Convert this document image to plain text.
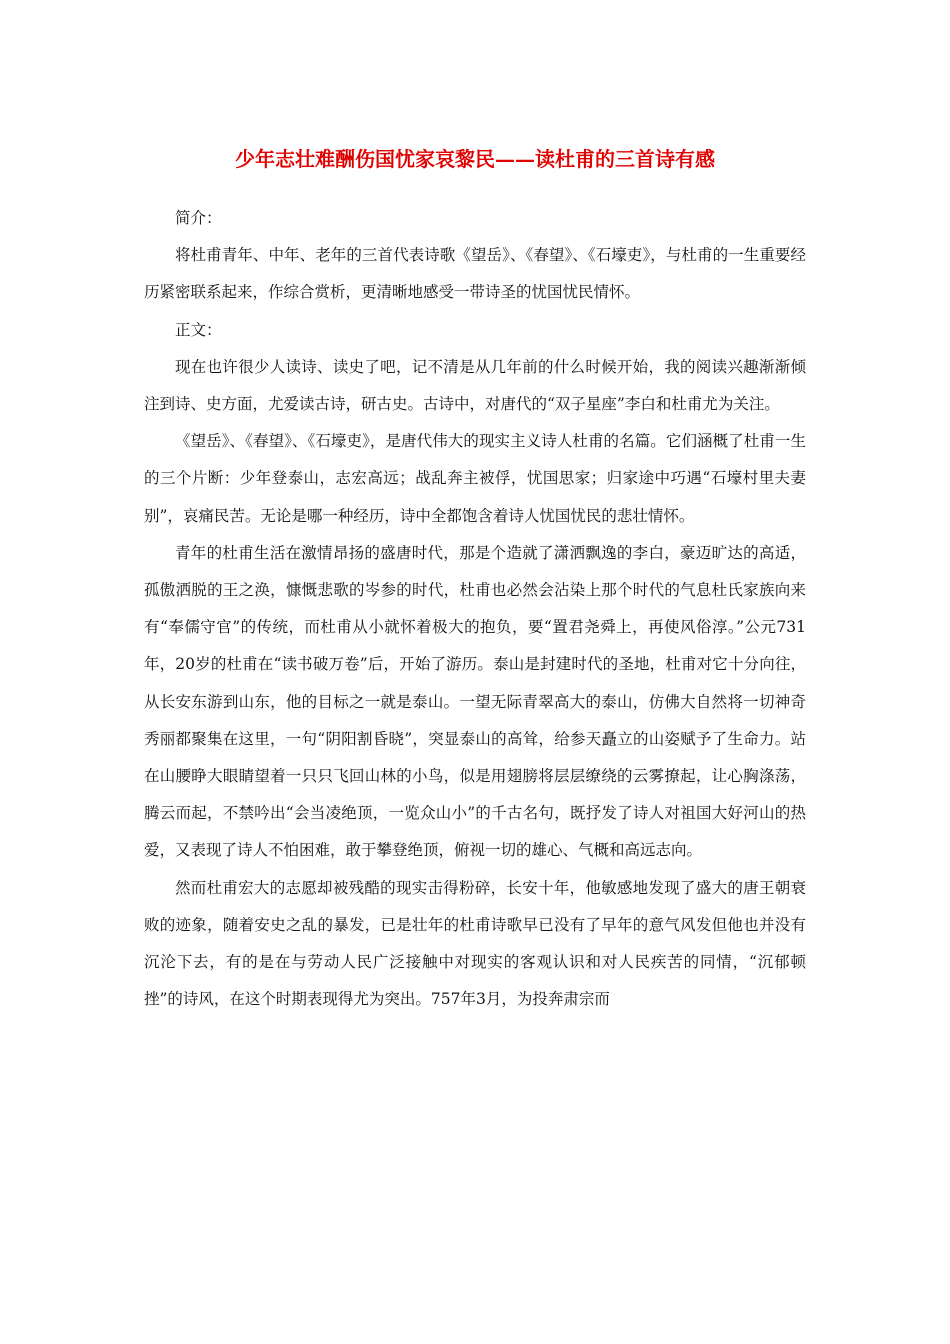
少年志壮难酬伤国忧家哀黎民——读杜甫的三首诗有感

简介：

将杜甫青年、中年、老年的三首代表诗歌《望岳》、《春望》、《石壕吏》，与杜甫的一生重要经历紧密联系起来，作综合赏析，更清晰地感受一带诗圣的忧国忧民情怀。

正文：

现在也许很少人读诗、读史了吧，记不清是从几年前的什么时候开始，我的阅读兴趣渐渐倾注到诗、史方面，尤爱读古诗，研古史。古诗中，对唐代的“双子星座”李白和杜甫尤为关注。

《望岳》、《春望》、《石壕吏》，是唐代伟大的现实主义诗人杜甫的名篇。它们涵概了杜甫一生的三个片断：少年登泰山，志宏高远；战乱奔主被俘，忧国思家；归家途中巧遇“石壕村里夫妻别”，哀痛民苦。无论是哪一种经历，诗中全都饱含着诗人忧国忧民的悲壮情怀。

青年的杜甫生活在激情昂扬的盛唐时代，那是个造就了潇洒飘逸的李白，豪迈旷达的高适，孤傲洒脱的王之涣，慷慨悲歌的岑参的时代，杜甫也必然会沾染上那个时代的气息杜氏家族向来有“奉儒守官”的传统，而杜甫从小就怀着极大的抱负，要“置君尧舜上，再使风俗淳。”公元731年，20岁的杜甫在“读书破万卷”后，开始了游历。泰山是封建时代的圣地，杜甫对它十分向往，从长安东游到山东，他的目标之一就是泰山。一望无际青翠高大的泰山，仿佛大自然将一切神奇秀丽都聚集在这里，一句“阴阳割昏晓”，突显泰山的高耸，给参天矗立的山姿赋予了生命力。站在山腰睁大眼睛望着一只只飞回山林的小鸟，似是用翅膀将层层缭绕的云雾撩起，让心胸涤荡，腾云而起，不禁吟出“会当凌绝顶，一览众山小”的千古名句，既抒发了诗人对祖国大好河山的热爱，又表现了诗人不怕困难，敢于攀登绝顶，俯视一切的雄心、气概和高远志向。

然而杜甫宏大的志愿却被残酷的现实击得粉碎，长安十年，他敏感地发现了盛大的唐王朝衰败的迹象，随着安史之乱的暴发，已是壮年的杜甫诗歌早已没有了早年的意气风发但他也并没有沉沦下去，有的是在与劳动人民广泛接触中对现实的客观认识和对人民疾苦的同情，“沉郁顿挫”的诗风，在这个时期表现得尤为突出。757年3月，为投奔肃宗而
